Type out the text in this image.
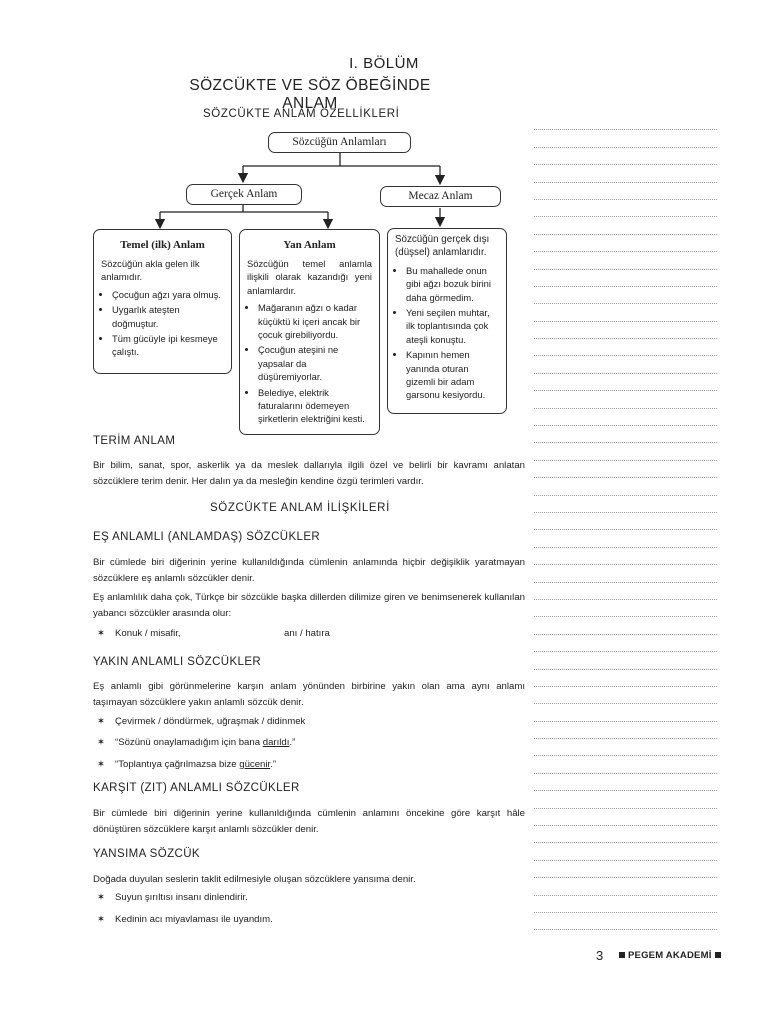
I. BÖLÜM
SÖZCÜKTE VE SÖZ ÖBEĞİNDE ANLAM
SÖZCÜKTE ANLAM ÖZELLİKLERİ
Sözcüğün Anlamları
Gerçek Anlam	Mecaz Anlam
Temel (ilk) Anlam
Sözcüğün akla gelen ilk anlamıdır.
• Çocuğun ağzı yara olmuş.
• Uygarlık ateşten doğmuştur.
• Tüm gücüyle ipi kesmeye çalıştı.
Yan Anlam
Sözcüğün temel anlamla ilişkili olarak kazandığı yeni anlamlardır.
• Mağaranın ağzı o kadar küçüktü ki içeri ancak bir çocuk girebiliyordu.
• Çocuğun ateşini ne yapsalar da düşüremiyorlar.
• Belediye, elektrik faturalarını ödemeyen şirketlerin elektriğini kesti.
Sözcüğün gerçek dışı (düşsel) anlamlarıdır.
• Bu mahallede onun gibi ağzı bozuk birini daha görmedim.
• Yeni seçilen muhtar, ilk toplantısında çok ateşli konuştu.
• Kapının hemen yanında oturan gizemli bir adam garsonu kesiyordu.
TERİM ANLAM
Bir bilim, sanat, spor, askerlik ya da meslek dallarıyla ilgili özel ve belirli bir kavramı anlatan sözcüklere terim denir. Her dalın ya da mesleğin kendine özgü terimleri vardır.
SÖZCÜKTE ANLAM İLİŞKİLERİ
EŞ ANLAMLI (ANLAMDAŞ) SÖZCÜKLER
Bir cümlede biri diğerinin yerine kullanıldığında cümlenin anlamında hiçbir değişiklik yaratmayan sözcüklere eş anlamlı sözcükler denir.
Eş anlamlılık daha çok, Türkçe bir sözcükle başka dillerden dilimize giren ve benimsenerek kullanılan yabancı sözcükler arasında olur:
✶ Konuk / misafir,	anı / hatıra
YAKIN ANLAMLI SÖZCÜKLER
Eş anlamlı gibi görünmelerine karşın anlam yönünden birbirine yakın olan ama aynı anlamı taşımayan sözcüklere yakın anlamlı sözcük denir.
✶ Çevirmek / döndürmek, uğraşmak / didinmek
✶ “Sözünü onaylamadığım için bana darıldı.”
✶ “Toplantıya çağrılmazsa bize gücenir.”
KARŞIT (ZIT) ANLAMLI SÖZCÜKLER
Bir cümlede biri diğerinin yerine kullanıldığında cümlenin anlamını öncekine göre karşıt hâle dönüştüren sözcüklere karşıt anlamlı sözcükler denir.
YANSIMA SÖZCÜK
Doğada duyulan seslerin taklit edilmesiyle oluşan sözcüklere yansıma denir.
✶ Suyun şırıltısı insanı dinlendirir.
✶ Kedinin acı miyavlaması ile uyandım.
3	PEGEM AKADEMİ
